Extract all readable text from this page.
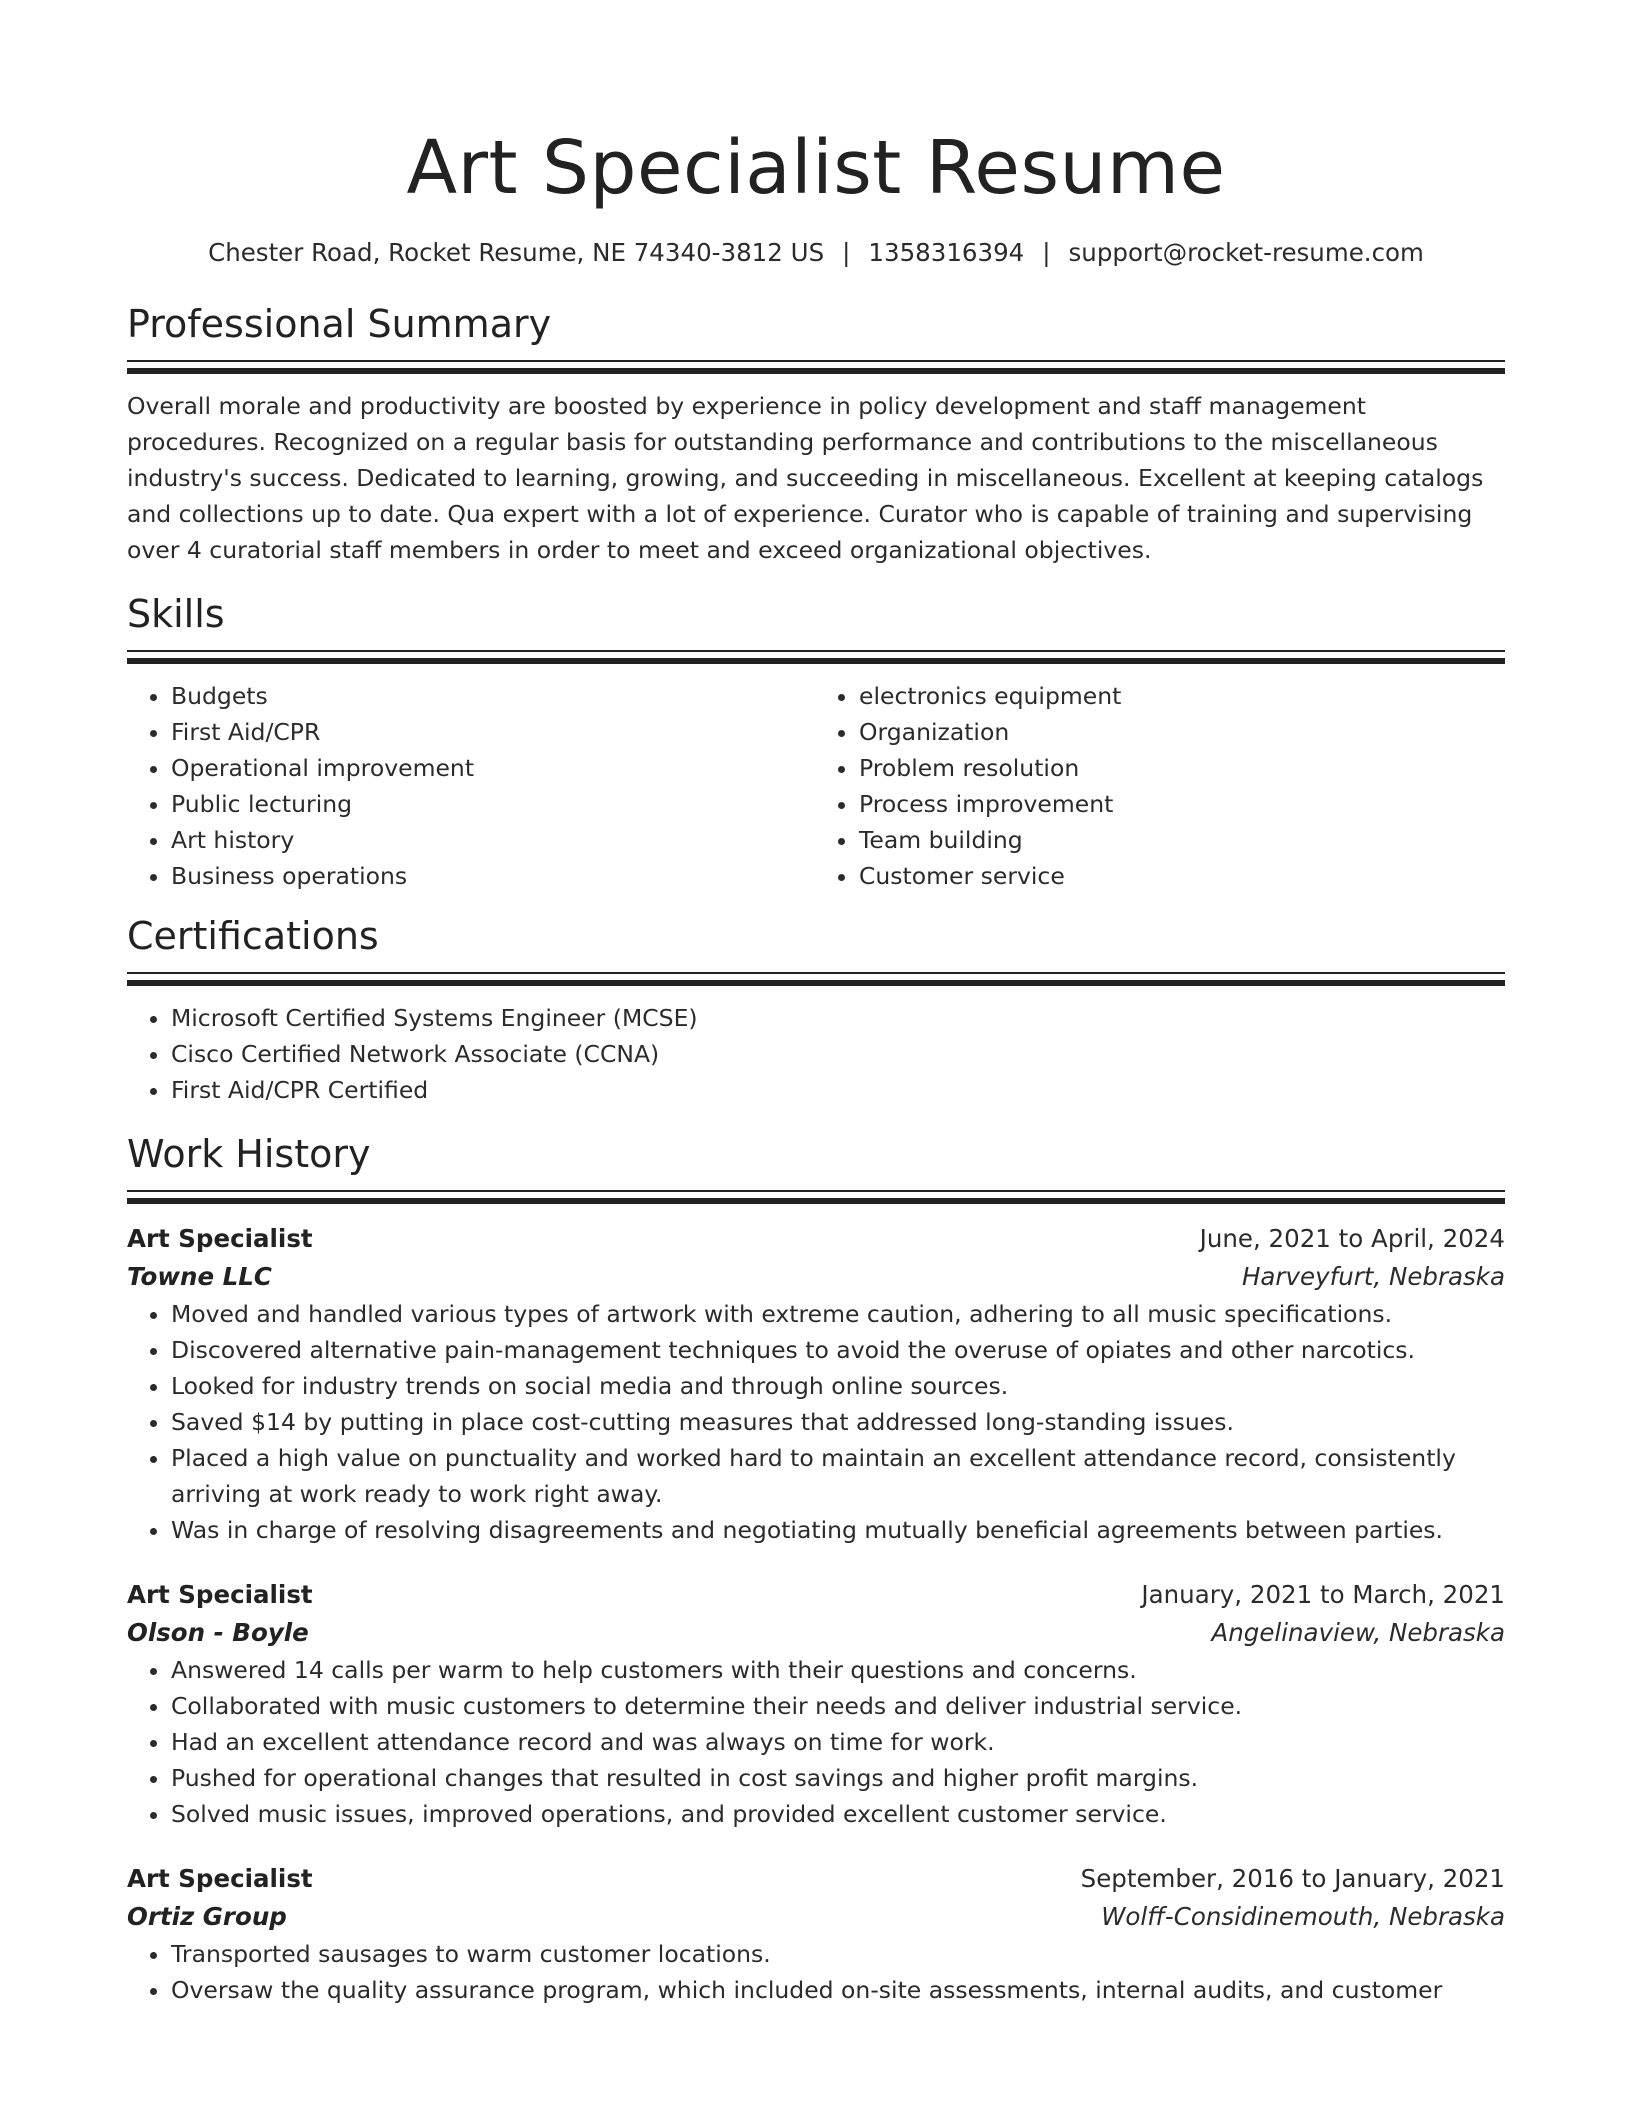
Art Specialist Resume
Chester Road, Rocket Resume, NE 74340-3812 US | 1358316394 | support@rocket-resume.com
Professional Summary

Overall morale and productivity are boosted by experience in policy development and staff management procedures. Recognized on a regular basis for outstanding performance and contributions to the miscellaneous industry's success. Dedicated to learning, growing, and succeeding in miscellaneous. Excellent at keeping catalogs and collections up to date. Qua expert with a lot of experience. Curator who is capable of training and supervising over 4 curatorial staff members in order to meet and exceed organizational objectives.

Skills
• Budgets
• First Aid/CPR
• Operational improvement
• Public lecturing
• Art history
• Business operations
• electronics equipment
• Organization
• Problem resolution
• Process improvement
• Team building
• Customer service
Certifications
• Microsoft Certified Systems Engineer (MCSE)
• Cisco Certified Network Associate (CCNA)
• First Aid/CPR Certified
Work History
Art Specialist	June, 2021 to April, 2024
Towne LLC	Harveyfurt, Nebraska
• Moved and handled various types of artwork with extreme caution, adhering to all music specifications.
• Discovered alternative pain-management techniques to avoid the overuse of opiates and other narcotics.
• Looked for industry trends on social media and through online sources.
• Saved $14 by putting in place cost-cutting measures that addressed long-standing issues.
• Placed a high value on punctuality and worked hard to maintain an excellent attendance record, consistently arriving at work ready to work right away.
• Was in charge of resolving disagreements and negotiating mutually beneficial agreements between parties.
Art Specialist	January, 2021 to March, 2021
Olson - Boyle	Angelinaview, Nebraska
• Answered 14 calls per warm to help customers with their questions and concerns.
• Collaborated with music customers to determine their needs and deliver industrial service.
• Had an excellent attendance record and was always on time for work.
• Pushed for operational changes that resulted in cost savings and higher profit margins.
• Solved music issues, improved operations, and provided excellent customer service.
Art Specialist	September, 2016 to January, 2021
Ortiz Group	Wolff-Considinemouth, Nebraska
• Transported sausages to warm customer locations.
• Oversaw the quality assurance program, which included on-site assessments, internal audits, and customer
